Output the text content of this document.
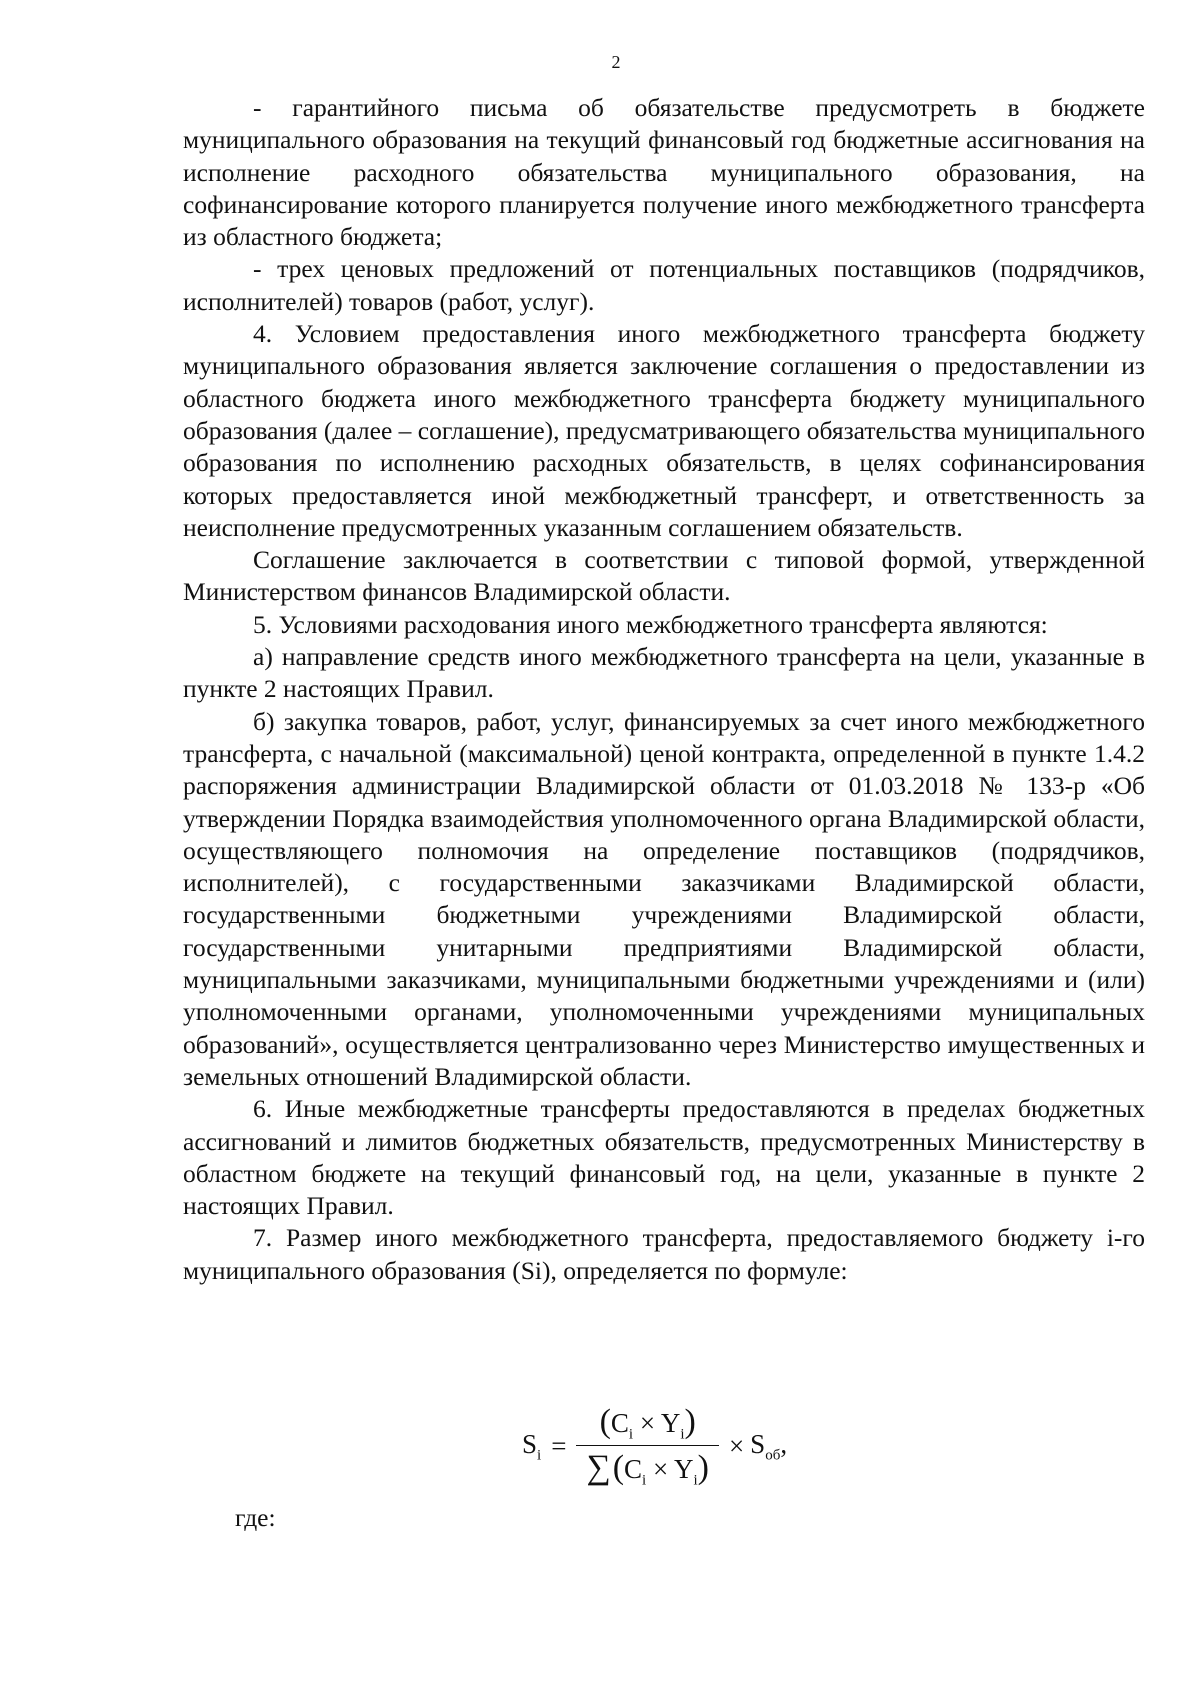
2

- гарантийного письма об обязательстве предусмотреть в бюджете муниципального образования на текущий финансовый год бюджетные ассигнования на исполнение расходного обязательства муниципального образования, на софинансирование которого планируется получение иного межбюджетного трансферта из областного бюджета;

- трех ценовых предложений от потенциальных поставщиков (подрядчиков, исполнителей) товаров (работ, услуг).

4. Условием предоставления иного межбюджетного трансферта бюджету муниципального образования является заключение соглашения о предоставлении из областного бюджета иного межбюджетного трансферта бюджету муниципального образования (далее – соглашение), предусматривающего обязательства муниципального образования по исполнению расходных обязательств, в целях софинансирования которых предоставляется иной межбюджетный трансферт, и ответственность за неисполнение предусмотренных указанным соглашением обязательств.

Соглашение заключается в соответствии с типовой формой, утвержденной Министерством финансов Владимирской области.

5. Условиями расходования иного межбюджетного трансферта являются:

а) направление средств иного межбюджетного трансферта на цели, указанные в пункте 2 настоящих Правил.

б) закупка товаров, работ, услуг, финансируемых за счет иного межбюджетного трансферта, с начальной (максимальной) ценой контракта, определенной в пункте 1.4.2 распоряжения администрации Владимирской области от 01.03.2018 № 133-р «Об утверждении Порядка взаимодействия уполномоченного органа Владимирской области, осуществляющего полномочия на определение поставщиков (подрядчиков, исполнителей), с государственными заказчиками Владимирской области, государственными бюджетными учреждениями Владимирской области, государственными унитарными предприятиями Владимирской области, муниципальными заказчиками, муниципальными бюджетными учреждениями и (или) уполномоченными органами, уполномоченными учреждениями муниципальных образований», осуществляется централизованно через Министерство имущественных и земельных отношений Владимирской области.

6. Иные межбюджетные трансферты предоставляются в пределах бюджетных ассигнований и лимитов бюджетных обязательств, предусмотренных Министерству в областном бюджете на текущий финансовый год, на цели, указанные в пункте 2 настоящих Правил.

7. Размер иного межбюджетного трансферта, предоставляемого бюджету i-го муниципального образования (Si), определяется по формуле:

$S_i = \frac{(C_i \times Y_i)}{\sum(C_i \times Y_i)} \times S_{об}$,
где:
